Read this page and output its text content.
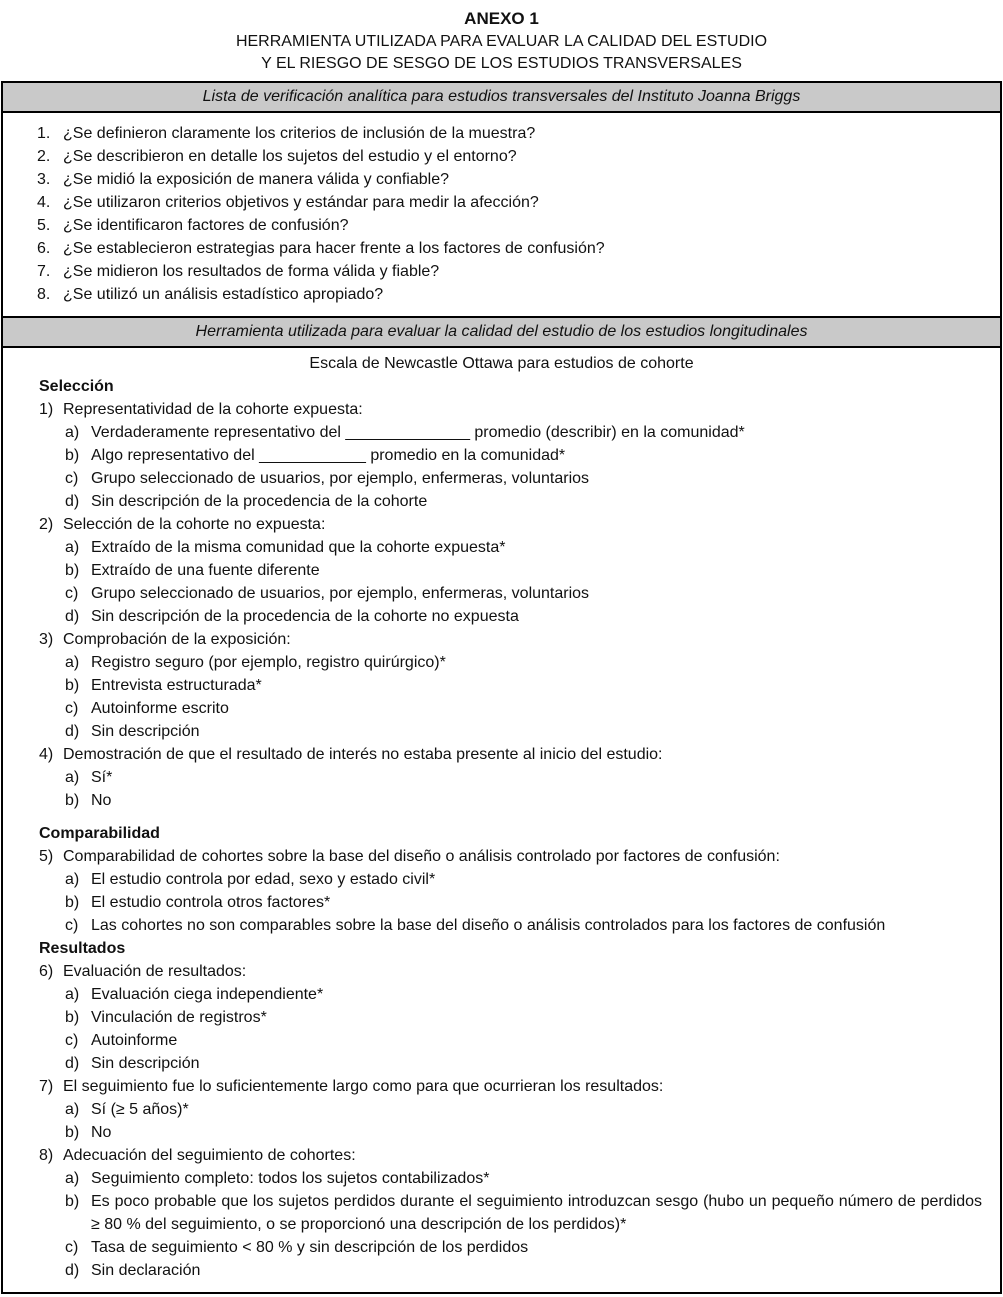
ANEXO 1
HERRAMIENTA UTILIZADA PARA EVALUAR LA CALIDAD DEL ESTUDIO
Y EL RIESGO DE SESGO DE LOS ESTUDIOS TRANSVERSALES
Lista de verificación analítica para estudios transversales del Instituto Joanna Briggs
1. ¿Se definieron claramente los criterios de inclusión de la muestra?
2. ¿Se describieron en detalle los sujetos del estudio y el entorno?
3. ¿Se midió la exposición de manera válida y confiable?
4. ¿Se utilizaron criterios objetivos y estándar para medir la afección?
5. ¿Se identificaron factores de confusión?
6. ¿Se establecieron estrategias para hacer frente a los factores de confusión?
7. ¿Se midieron los resultados de forma válida y fiable?
8. ¿Se utilizó un análisis estadístico apropiado?
Herramienta utilizada para evaluar la calidad del estudio de los estudios longitudinales
Escala de Newcastle Ottawa para estudios de cohorte
Selección
1) Representatividad de la cohorte expuesta:
a) Verdaderamente representativo del ______________ promedio (describir) en la comunidad*
b) Algo representativo del ____________ promedio en la comunidad*
c) Grupo seleccionado de usuarios, por ejemplo, enfermeras, voluntarios
d) Sin descripción de la procedencia de la cohorte
2) Selección de la cohorte no expuesta:
a) Extraído de la misma comunidad que la cohorte expuesta*
b) Extraído de una fuente diferente
c) Grupo seleccionado de usuarios, por ejemplo, enfermeras, voluntarios
d) Sin descripción de la procedencia de la cohorte no expuesta
3) Comprobación de la exposición:
a) Registro seguro (por ejemplo, registro quirúrgico)*
b) Entrevista estructurada*
c) Autoinforme escrito
d) Sin descripción
4) Demostración de que el resultado de interés no estaba presente al inicio del estudio:
a) Sí*
b) No
Comparabilidad
5) Comparabilidad de cohortes sobre la base del diseño o análisis controlado por factores de confusión:
a) El estudio controla por edad, sexo y estado civil*
b) El estudio controla otros factores*
c) Las cohortes no son comparables sobre la base del diseño o análisis controlados para los factores de confusión
Resultados
6) Evaluación de resultados:
a) Evaluación ciega independiente*
b) Vinculación de registros*
c) Autoinforme
d) Sin descripción
7) El seguimiento fue lo suficientemente largo como para que ocurrieran los resultados:
a) Sí (≥ 5 años)*
b) No
8) Adecuación del seguimiento de cohortes:
a) Seguimiento completo: todos los sujetos contabilizados*
b) Es poco probable que los sujetos perdidos durante el seguimiento introduzcan sesgo (hubo un pequeño número de perdidos ≥ 80 % del seguimiento, o se proporcionó una descripción de los perdidos)*
c) Tasa de seguimiento < 80 % y sin descripción de los perdidos
d) Sin declaración
